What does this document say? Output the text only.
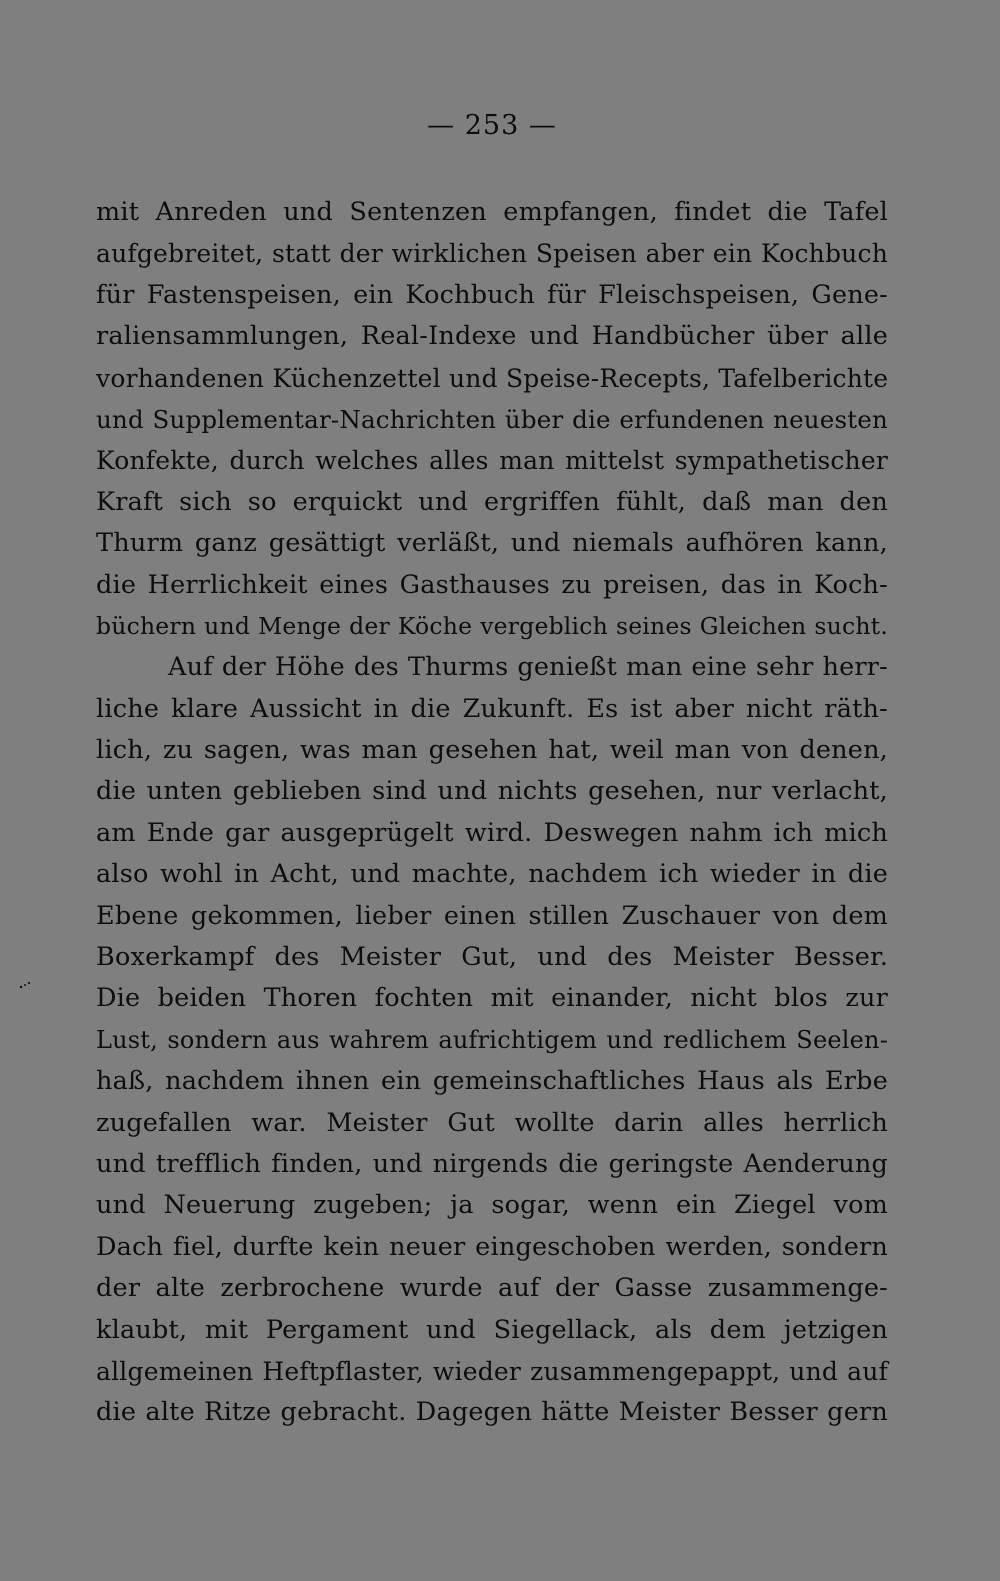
— 253 —
mit Anreden und Sentenzen empfangen, findet die Tafel
aufgebreitet, statt der wirklichen Speisen aber ein Kochbuch
für Fastenspeisen, ein Kochbuch für Fleischspeisen, Gene-
raliensammlungen, Real-Indexe und Handbücher über alle
vorhandenen Küchenzettel und Speise-Recepts, Tafelberichte
und Supplementar-Nachrichten über die erfundenen neuesten
Konfekte, durch welches alles man mittelst sympathetischer
Kraft sich so erquickt und ergriffen fühlt, daß man den
Thurm ganz gesättigt verläßt, und niemals aufhören kann,
die Herrlichkeit eines Gasthauses zu preisen, das in Koch-
büchern und Menge der Köche vergeblich seines Gleichen sucht.
Auf der Höhe des Thurms genießt man eine sehr herr-
liche klare Aussicht in die Zukunft. Es ist aber nicht räth-
lich, zu sagen, was man gesehen hat, weil man von denen,
die unten geblieben sind und nichts gesehen, nur verlacht,
am Ende gar ausgeprügelt wird. Deswegen nahm ich mich
also wohl in Acht, und machte, nachdem ich wieder in die
Ebene gekommen, lieber einen stillen Zuschauer von dem
Boxerkampf des Meister Gut, und des Meister Besser.
Die beiden Thoren fochten mit einander, nicht blos zur
Lust, sondern aus wahrem aufrichtigem und redlichem Seelen-
haß, nachdem ihnen ein gemeinschaftliches Haus als Erbe
zugefallen war. Meister Gut wollte darin alles herrlich
und trefflich finden, und nirgends die geringste Aenderung
und Neuerung zugeben; ja sogar, wenn ein Ziegel vom
Dach fiel, durfte kein neuer eingeschoben werden, sondern
der alte zerbrochene wurde auf der Gasse zusammenge-
klaubt, mit Pergament und Siegellack, als dem jetzigen
allgemeinen Heftpflaster, wieder zusammengepappt, und auf
die alte Ritze gebracht. Dagegen hätte Meister Besser gern
